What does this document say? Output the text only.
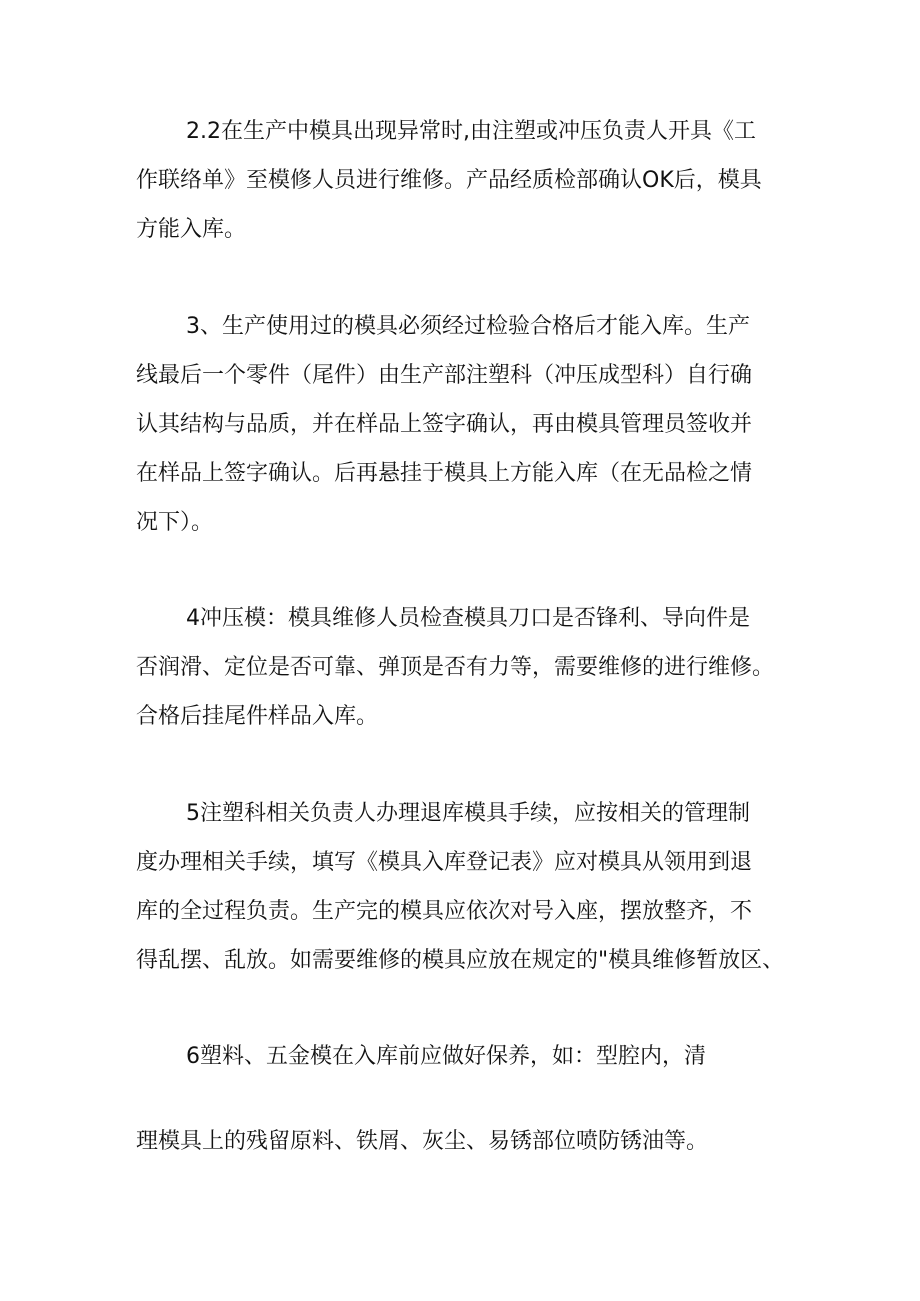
2.2在生产中模具出现异常时,由注塑或冲压负责人开具《工
作联络单》至模修人员进行维修。产品经质检部确认OK后，模具
方能入库。
3、生产使用过的模具必须经过检验合格后才能入库。生产
线最后一个零件（尾件）由生产部注塑科（冲压成型科）自行确
认其结构与品质，并在样品上签字确认，再由模具管理员签收并
在样品上签字确认。后再悬挂于模具上方能入库（在无品检之情
况下）。
4冲压模：模具维修人员检查模具刀口是否锋利、导向件是
否润滑、定位是否可靠、弹顶是否有力等，需要维修的进行维修。
合格后挂尾件样品入库。
5注塑科相关负责人办理退库模具手续，应按相关的管理制
度办理相关手续，填写《模具入库登记表》应对模具从领用到退
库的全过程负责。生产完的模具应依次对号入座，摆放整齐，不
得乱摆、乱放。如需要维修的模具应放在规定的"模具维修暂放区、
6塑料、五金模在入库前应做好保养，如：型腔内，清
理模具上的残留原料、铁屑、灰尘、易锈部位喷防锈油等。
